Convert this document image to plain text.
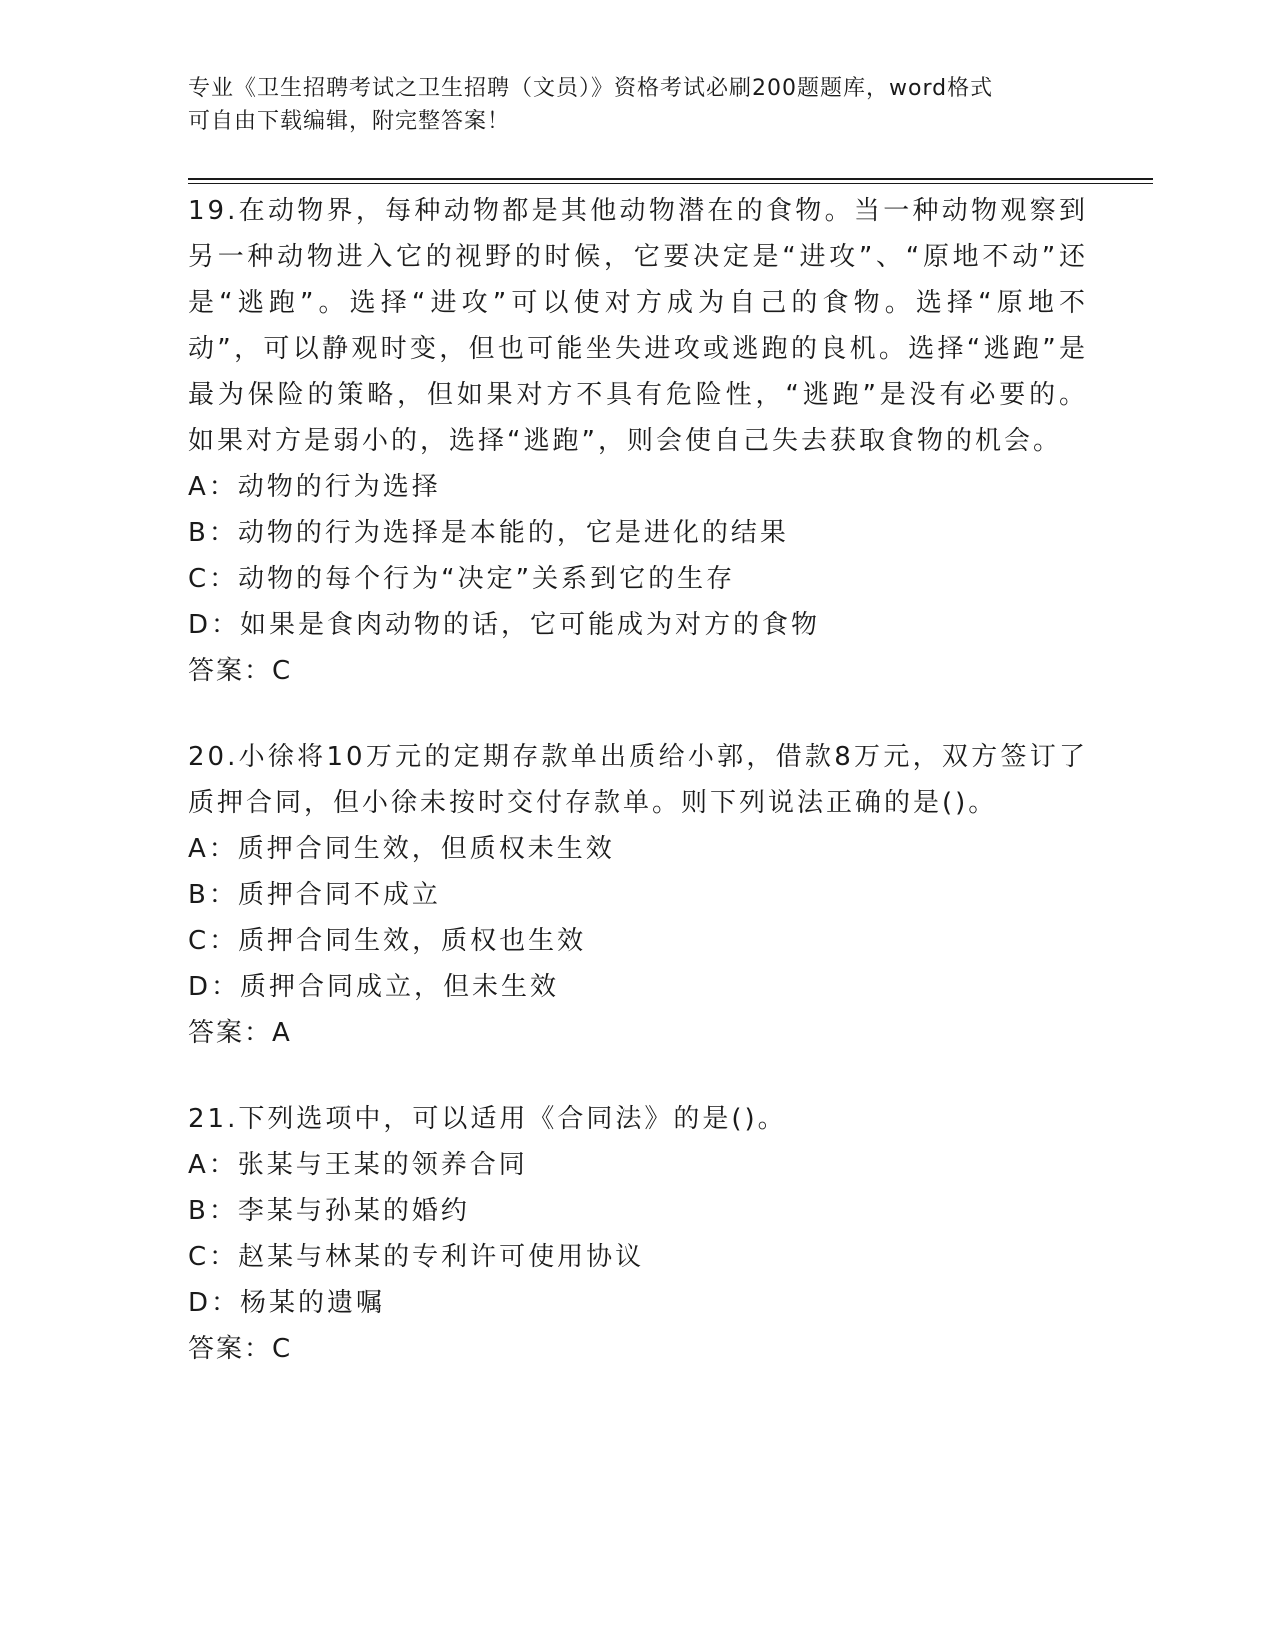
专业《卫生招聘考试之卫生招聘（文员）》资格考试必刷200题题库，word格式
可自由下载编辑，附完整答案！

19.在动物界，每种动物都是其他动物潜在的食物。当一种动物观察到另一种动物进入它的视野的时候，它要决定是“进攻”、“原地不动”还是“逃跑”。选择“进攻”可以使对方成为自己的食物。选择“原地不动”，可以静观时变，但也可能坐失进攻或逃跑的良机。选择“逃跑”是最为保险的策略，但如果对方不具有危险性，“逃跑”是没有必要的。如果对方是弱小的，选择“逃跑”，则会使自己失去获取食物的机会。

A：动物的行为选择

B：动物的行为选择是本能的，它是进化的结果

C：动物的每个行为“决定”关系到它的生存

D：如果是食肉动物的话，它可能成为对方的食物

答案：C

20.小徐将10万元的定期存款单出质给小郭，借款8万元，双方签订了质押合同，但小徐未按时交付存款单。则下列说法正确的是()。

A：质押合同生效，但质权未生效

B：质押合同不成立

C：质押合同生效，质权也生效

D：质押合同成立，但未生效

答案：A

21.下列选项中，可以适用《合同法》的是()。

A：张某与王某的领养合同

B：李某与孙某的婚约

C：赵某与林某的专利许可使用协议

D：杨某的遗嘱

答案：C
